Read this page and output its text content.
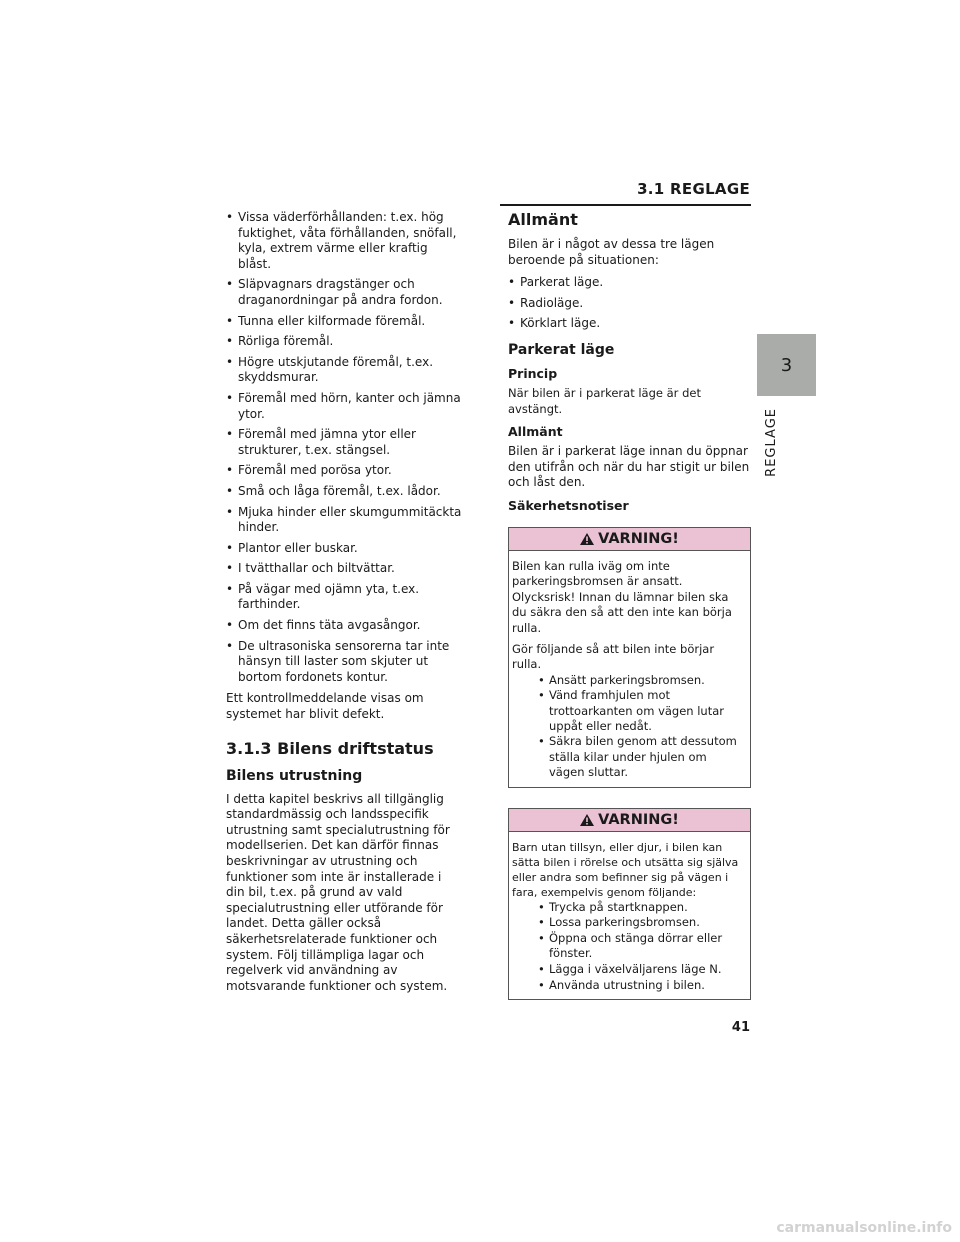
3.1 REGLAGE
3
REGLAGE
• Vissa väderförhållanden: t.ex. hög fuktighet, våta förhållanden, snöfall, kyla, extrem värme eller kraftig blåst.
• Släpvagnars dragstänger och draganordningar på andra fordon.
• Tunna eller kilformade föremål.
• Rörliga föremål.
• Högre utskjutande föremål, t.ex. skyddsmurar.
• Föremål med hörn, kanter och jämna ytor.
• Föremål med jämna ytor eller strukturer, t.ex. stängsel.
• Föremål med porösa ytor.
• Små och låga föremål, t.ex. lådor.
• Mjuka hinder eller skumgummitäckta hinder.
• Plantor eller buskar.
• I tvätthallar och biltvättar.
• På vägar med ojämn yta, t.ex. farthinder.
• Om det finns täta avgasångor.
• De ultrasoniska sensorerna tar inte hänsyn till laster som skjuter ut bortom fordonets kontur.

Ett kontrollmeddelande visas om systemet har blivit defekt.

3.1.3 Bilens driftstatus
Bilens utrustning

I detta kapitel beskrivs all tillgänglig standardmässig och landsspecifik utrustning samt specialutrustning för modellserien. Det kan därför finnas beskrivningar av utrustning och funktioner som inte är installerade i din bil, t.ex. på grund av vald specialutrustning eller utförande för landet. Detta gäller också säkerhetsrelaterade funktioner och system. Följ tillämpliga lagar och regelverk vid användning av motsvarande funktioner och system.

Allmänt

Bilen är i något av dessa tre lägen beroende på situationen:

• Parkerat läge.
• Radioläge.
• Körklart läge.
Parkerat läge
Princip

När bilen är i parkerat läge är det avstängt.

Allmänt

Bilen är i parkerat läge innan du öppnar den utifrån och när du har stigit ur bilen och låst den.

Säkerhetsnotiser
VARNING!

Bilen kan rulla iväg om inte parkeringsbromsen är ansatt. Olycksrisk! Innan du lämnar bilen ska du säkra den så att den inte kan börja rulla.

Gör följande så att bilen inte börjar rulla.

• Ansätt parkeringsbromsen.
• Vänd framhjulen mot trottoarkanten om vägen lutar uppåt eller nedåt.
• Säkra bilen genom att dessutom ställa kilar under hjulen om vägen sluttar.
VARNING!

Barn utan tillsyn, eller djur, i bilen kan sätta bilen i rörelse och utsätta sig själva eller andra som befinner sig på vägen i fara, exempelvis genom följande:

• Trycka på startknappen.
• Lossa parkeringsbromsen.
• Öppna och stänga dörrar eller fönster.
• Lägga i växelväljarens läge N.
• Använda utrustning i bilen.
41
carmanualsonline.info
